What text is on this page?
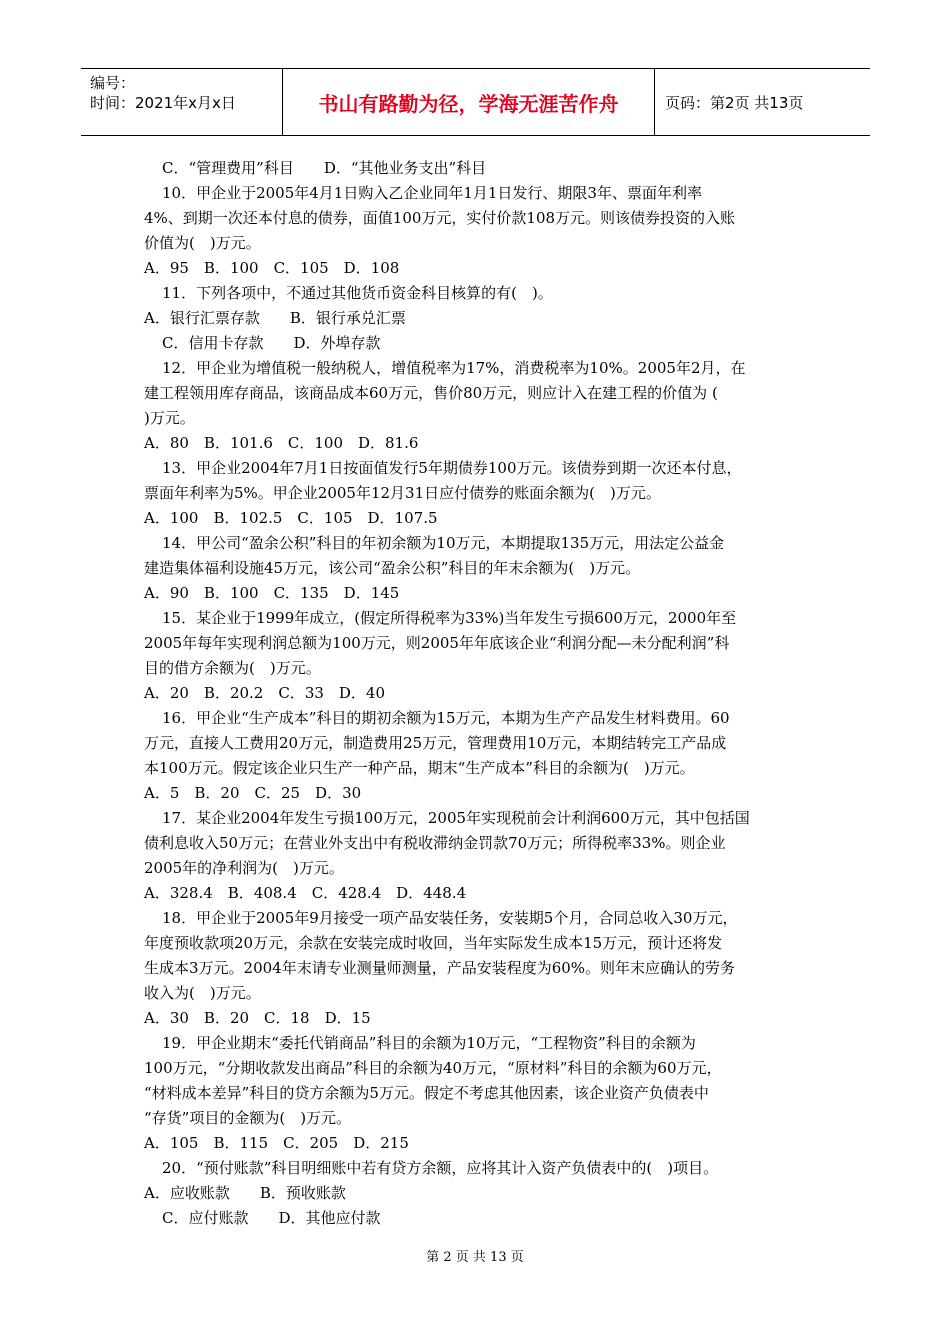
编号：
时间：2021年x月x日	书山有路勤为径，学海无涯苦作舟	页码：第2页 共13页
C．“管理费用”科目　　D．“其他业务支出”科目
10．甲企业于2005年4月1日购入乙企业同年1月1日发行、期限3年、票面年利率
4%、到期一次还本付息的债券，面值100万元，实付价款108万元。则该债券投资的入账
价值为(　)万元。
A．95　B．100　C．105　D．108
11．下列各项中，不通过其他货币资金科目核算的有(　)。
A．银行汇票存款　　B．银行承兑汇票
C．信用卡存款　　D．外埠存款
12．甲企业为增值税一般纳税人，增值税率为17%，消费税率为10%。2005年2月，在
建工程领用库存商品，该商品成本60万元，售价80万元，则应计入在建工程的价值为 (
)万元。
A．80　B．101.6　C．100　D．81.6
13．甲企业2004年7月1日按面值发行5年期债券100万元。该债券到期一次还本付息，
票面年利率为5%。甲企业2005年12月31日应付债券的账面余额为(　)万元。
A．100　B．102.5　C．105　D．107.5
14．甲公司“盈余公积”科目的年初余额为10万元，本期提取135万元，用法定公益金
建造集体福利设施45万元，该公司“盈余公积”科目的年末余额为(　)万元。
A．90　B．100　C．135　D．145
15．某企业于1999年成立，(假定所得税率为33%)当年发生亏损600万元，2000年至
2005年每年实现利润总额为100万元，则2005年年底该企业“利润分配—未分配利润”科
目的借方余额为(　)万元。
A．20　B．20.2　C．33　D．40
16．甲企业“生产成本”科目的期初余额为15万元，本期为生产产品发生材料费用。60
万元，直接人工费用20万元，制造费用25万元，管理费用10万元，本期结转完工产品成
本100万元。假定该企业只生产一种产品，期末“生产成本”科目的余额为(　)万元。
A．5　B．20　C．25　D．30
17．某企业2004年发生亏损100万元，2005年实现税前会计利润600万元，其中包括国
债利息收入50万元；在营业外支出中有税收滞纳金罚款70万元；所得税率33%。则企业
2005年的净利润为(　)万元。
A．328.4　B．408.4　C．428.4　D．448.4
18．甲企业于2005年9月接受一项产品安装任务，安装期5个月，合同总收入30万元，
年度预收款项20万元，余款在安装完成时收回，当年实际发生成本15万元，预计还将发
生成本3万元。2004年末请专业测量师测量，产品安装程度为60%。则年末应确认的劳务
收入为(　)万元。
A．30　B．20　C．18　D．15
19．甲企业期末“委托代销商品”科目的余额为10万元，“工程物资”科目的余额为
100万元，“分期收款发出商品”科目的余额为40万元，“原材料”科目的余额为60万元，
“材料成本差异”科目的贷方余额为5万元。假定不考虑其他因素，该企业资产负债表中
“存货”项目的金额为(　)万元。
A．105　B．115　C．205　D．215
20．“预付账款”科目明细账中若有贷方余额，应将其计入资产负债表中的(　)项目。
A．应收账款　　B．预收账款
C．应付账款　　D．其他应付款
第 2 页 共 13 页
